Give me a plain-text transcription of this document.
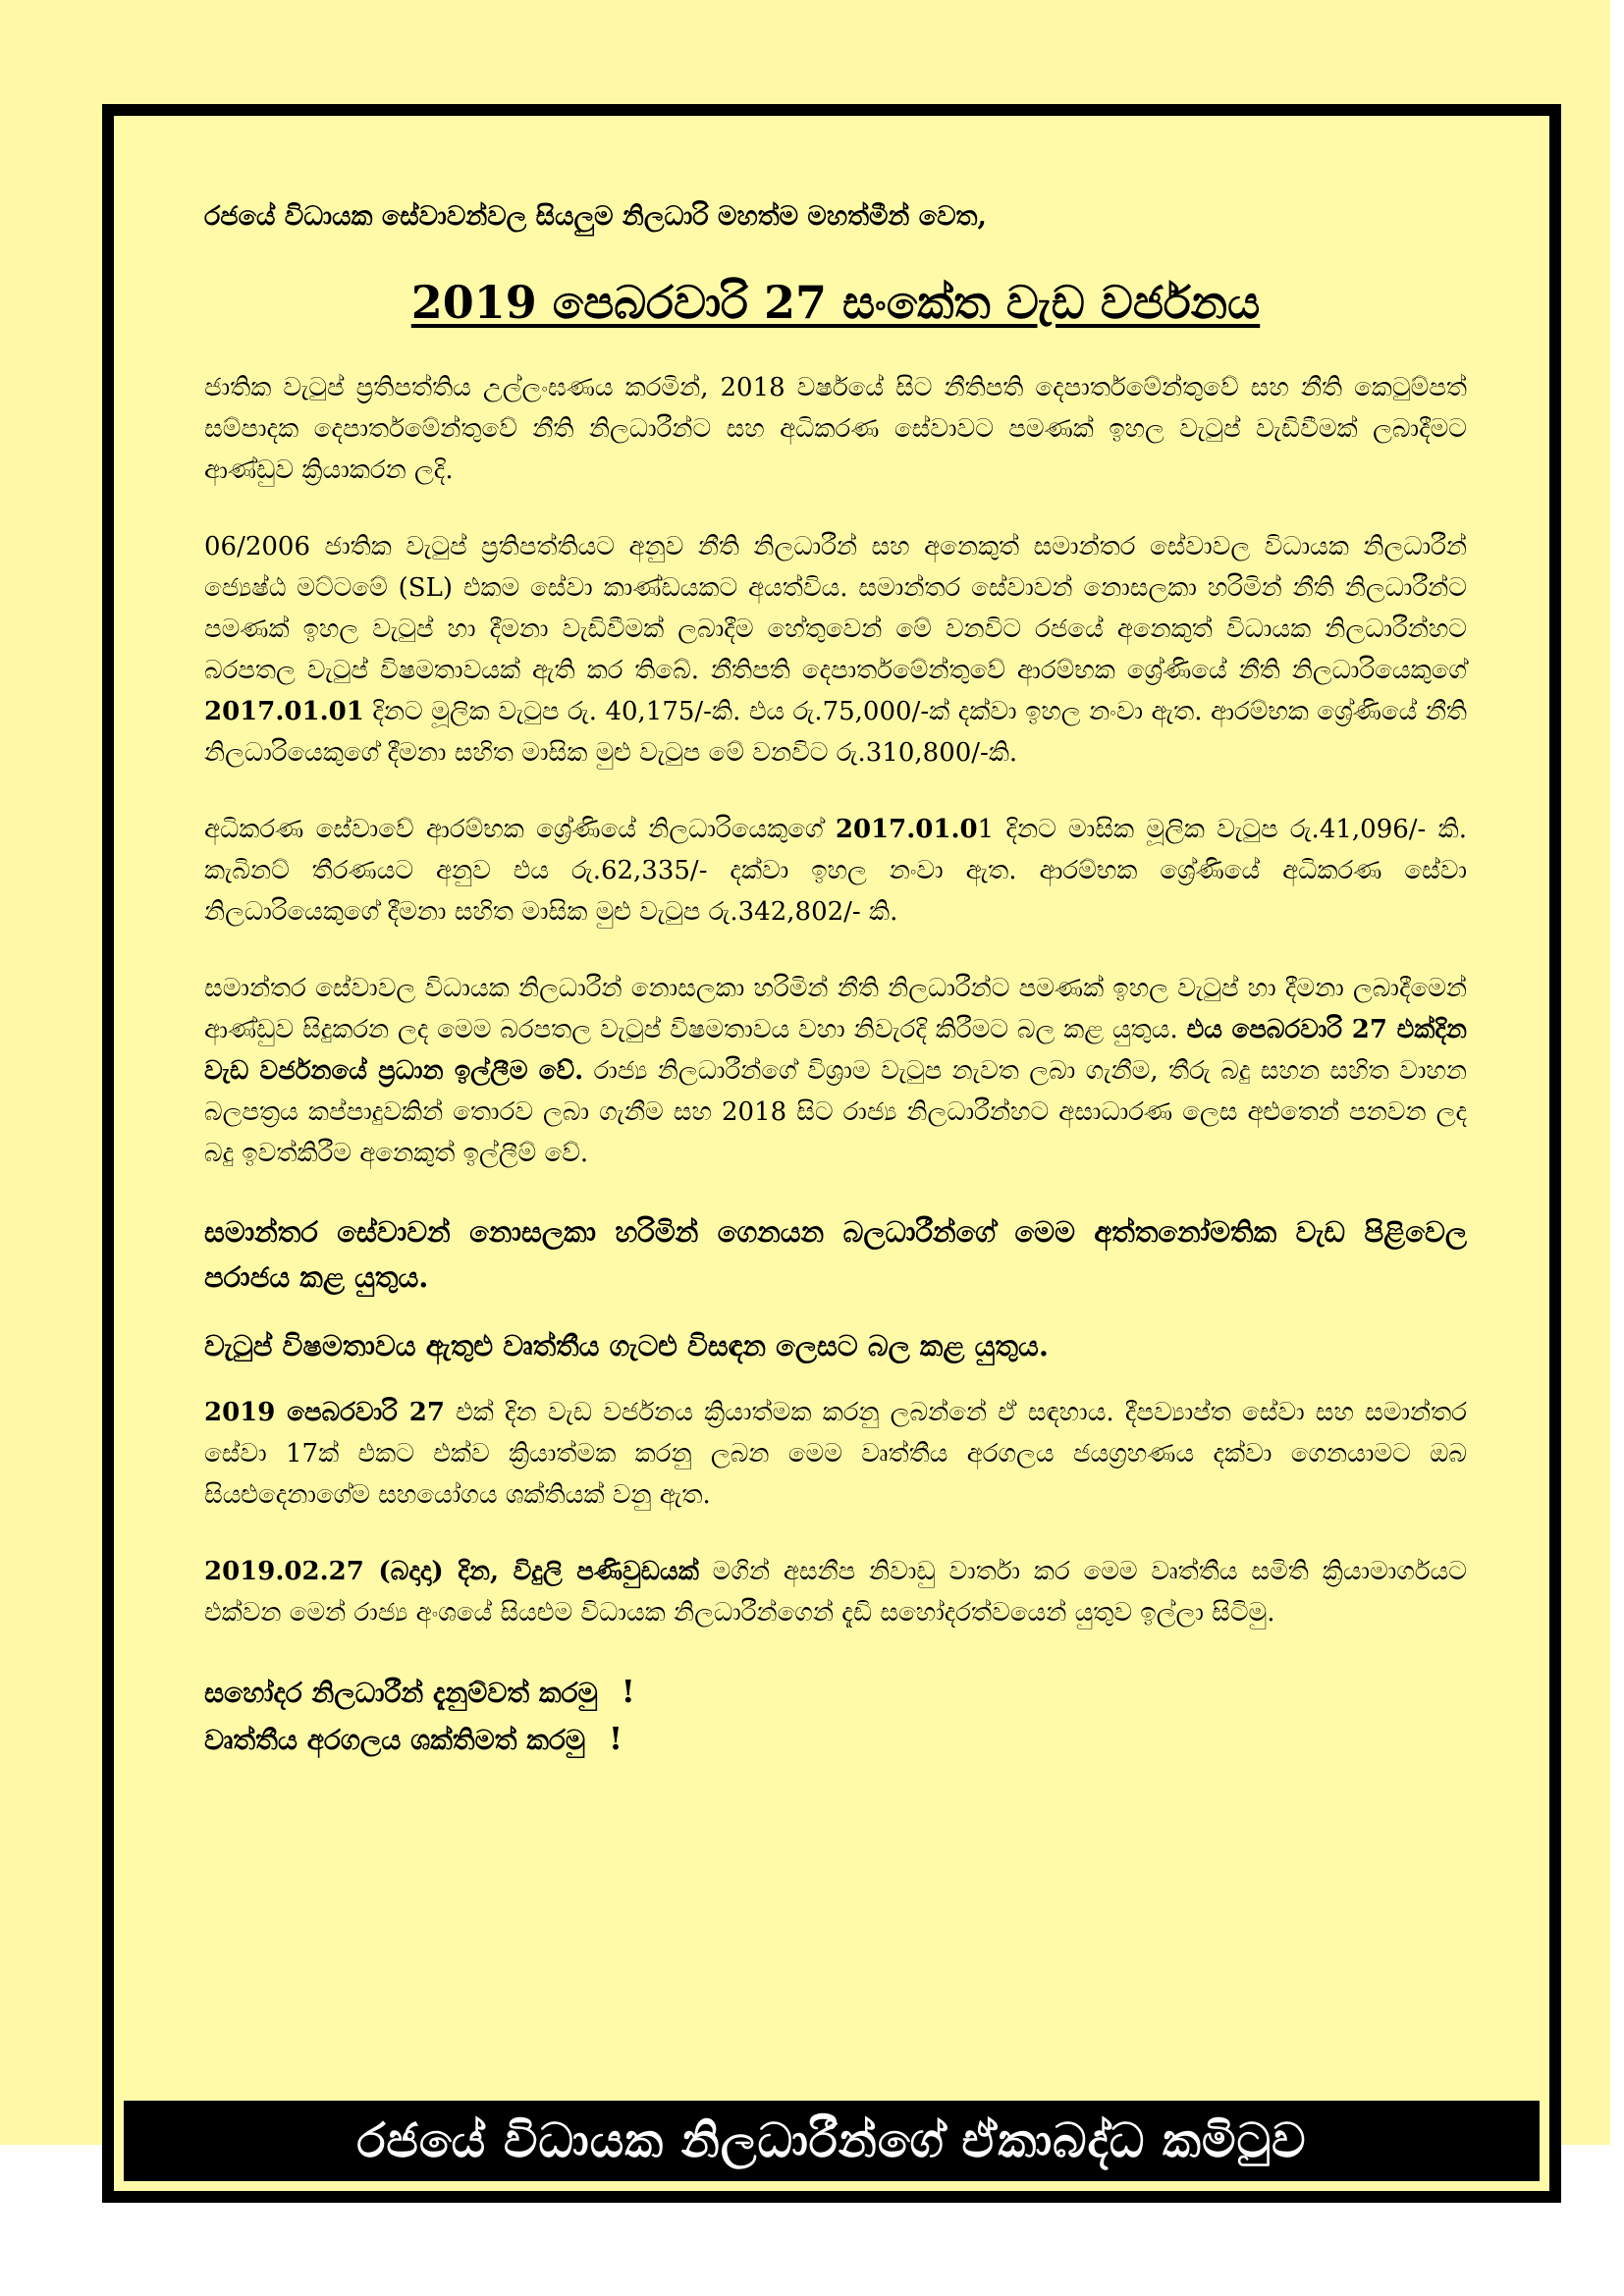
රජයේ විධායක සේවාවන්වල සියලුම නිලධාරි මහත්ම මහත්මීන් වෙත,

2019 පෙබරවාරි 27 සංකේත වැඩ වර්ජනය

ජාතික වැටුප් ප්‍රතිපත්තිය උල්ලංඝණය කරමින්, 2018 වර්ෂයේ සිට නීතිපති දෙපාර්තමේන්තුවේ සහ නීති කෙටුම්පත් සම්පාදක දෙපාර්තමේන්තුවේ නීති නිලධාරීන්ට සහ අධිකරණ සේවාවට පමණක් ඉහල වැටුප් වැඩිවීමක් ලබාදීමට ආණ්ඩුව ක්‍රියාකරන ලදි.

06/2006 ජාතික වැටුප් ප්‍රතිපත්තියට අනුව නීති නිලධාරීන් සහ අනෙකුත් සමාන්තර සේවාවල විධායක නිලධාරීන් ජ්‍යෙෂ්ඨ මට්ටමේ (SL) එකම සේවා කාණ්ඩයකට අයත්විය. සමාන්තර සේවාවන් නොසලකා හරිමින් නීති නිලධාරීන්ට පමණක් ඉහල වැටුප් හා දීමනා වැඩිවීමක් ලබාදීම හේතුවෙන් මේ වනවිට රජයේ අනෙකුත් විධායක නිලධාරීන්හට බරපතල වැටුප් විෂමතාවයක් ඇති කර තිබේ. නීතිපති දෙපාර්තමේන්තුවේ ආරම්භක ශ්‍රේණියේ නීති නිලධාරියෙකුගේ 2017.01.01 දිනට මූලික වැටුප රු. 40,175/-කි. එය රු.75,000/-ක් දක්වා ඉහල නංවා ඇත. ආරම්භක ශ්‍රේණියේ නීති නිලධාරියෙකුගේ දීමනා සහිත මාසික මුළු වැටුප මේ වනවිට රු.310,800/-කි.

අධිකරණ සේවාවේ ආරම්භක ශ්‍රේණියේ නිලධාරියෙකුගේ 2017.01.01 දිනට මාසික මූලික වැටුප රු.41,096/- කි. කැබිනට් තීරණයට අනුව එය රු.62,335/- දක්වා ඉහල නංවා ඇත. ආරම්භක ශ්‍රේණියේ අධිකරණ සේවා නිලධාරියෙකුගේ දීමනා සහිත මාසික මුළු වැටුප රු.342,802/- කි.

සමාන්තර සේවාවල විධායක නිලධාරීන් නොසලකා හරිමින් නීති නිලධාරීන්ට පමණක් ඉහල වැටුප් හා දීමනා ලබාදීමෙන් ආණ්ඩුව සිදුකරන ලද මෙම බරපතල වැටුප් විෂමතාවය වහා නිවැරදි කිරීමට බල කළ යුතුය. එය පෙබරවාරි 27 එක්දින වැඩ වර්ජනයේ ප්‍රධාන ඉල්ලීම වේ. රාජ්‍ය නිලධාරීන්ගේ විශ්‍රාම වැටුප නැවත ලබා ගැනීම, තීරු බදු සහන සහිත වාහන බලපත්‍රය කප්පාදුවකින් තොරව ලබා ගැනීම සහ 2018 සිට රාජ්‍ය නිලධාරීන්හට අසාධාරණ ලෙස අළුතෙන් පනවන ලද බදු ඉවත්කිරීම අනෙකුත් ඉල්ලීම් වේ.

සමාන්තර සේවාවන් නොසලකා හරිමින් ගෙනයන බලධාරීන්ගේ මෙම අත්තනෝමතික වැඩ පිළිවෙල පරාජය කළ යුතුය.

වැටුප් විෂමතාවය ඇතුළු වෘත්තීය ගැටළු විසඳන ලෙසට බල කළ යුතුය.

2019 පෙබරවාරි 27 එක් දින වැඩ වර්ජනය ක්‍රියාත්මක කරනු ලබන්නේ ඒ සඳහාය. දීපව්‍යාප්ත සේවා සහ සමාන්තර සේවා 17ක් එකට එක්ව ක්‍රියාත්මක කරනු ලබන මෙම වෘත්තීය අරගලය ජයග්‍රහණය දක්වා ගෙනයාමට ඔබ සියළුදෙනාගේම සහයෝගය ශක්තියක් වනු ඇත.

2019.02.27 (බදාදා) දින, විදුලි පණිවුඩයක් මගින් අසනීප නිවාඩු වාර්තා කර මෙම වෘත්තීය සමිති ක්‍රියාමාර්ගයට එක්වන මෙන් රාජ්‍ය අංශයේ සියළුම විධායක නිලධාරීන්ගෙන් දැඩි සහෝදරත්වයෙන් යුතුව ඉල්ලා සිටිමු.

සහෝදර නිලධාරීන් දැනුම්වත් කරමු !
වෘත්තීය අරගලය ශක්තිමත් කරමු !
රජයේ විධායක නිලධාරීන්ගේ ඒකාබද්ධ කමිටුව
